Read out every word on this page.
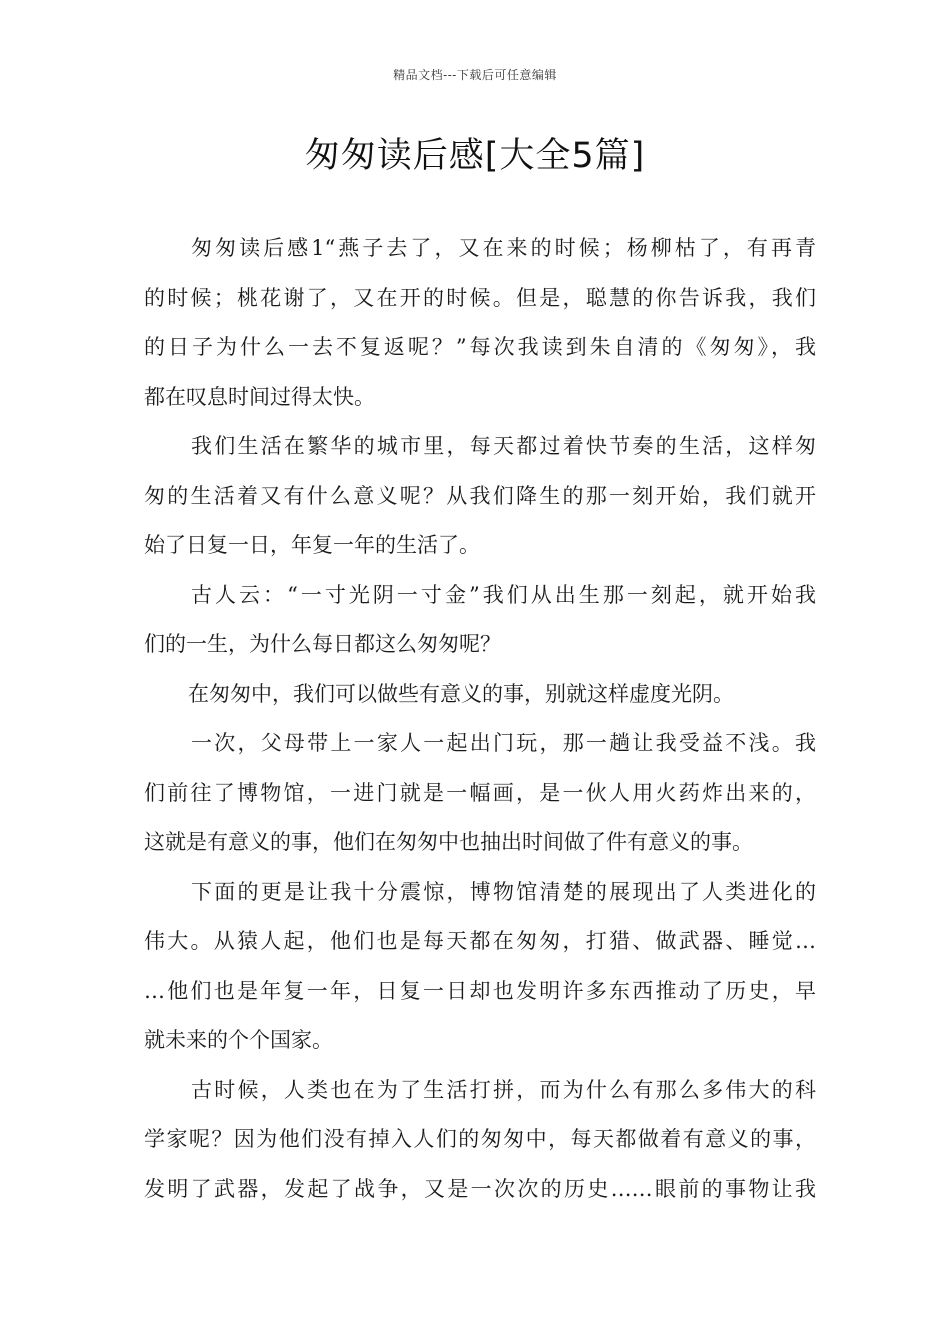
精品文档---下载后可任意编辑
匆匆读后感[大全5篇]
匆匆读后感1“燕子去了，又在来的时候；杨柳枯了，有再青
的时候；桃花谢了，又在开的时候。但是，聪慧的你告诉我，我们
的日子为什么一去不复返呢？”每次我读到朱自清的《匆匆》，我
都在叹息时间过得太快。
我们生活在繁华的城市里，每天都过着快节奏的生活，这样匆
匆的生活着又有什么意义呢？从我们降生的那一刻开始，我们就开
始了日复一日，年复一年的生活了。
古人云：“一寸光阴一寸金”我们从出生那一刻起，就开始我
们的一生，为什么每日都这么匆匆呢？
在匆匆中，我们可以做些有意义的事，别就这样虚度光阴。
一次，父母带上一家人一起出门玩，那一趟让我受益不浅。我
们前往了博物馆，一进门就是一幅画，是一伙人用火药炸出来的，
这就是有意义的事，他们在匆匆中也抽出时间做了件有意义的事。
下面的更是让我十分震惊，博物馆清楚的展现出了人类进化的
伟大。从猿人起，他们也是每天都在匆匆，打猎、做武器、睡觉…
…他们也是年复一年，日复一日却也发明许多东西推动了历史，早
就未来的个个国家。
古时候，人类也在为了生活打拼，而为什么有那么多伟大的科
学家呢？因为他们没有掉入人们的匆匆中，每天都做着有意义的事，
发明了武器，发起了战争，又是一次次的历史……眼前的事物让我
